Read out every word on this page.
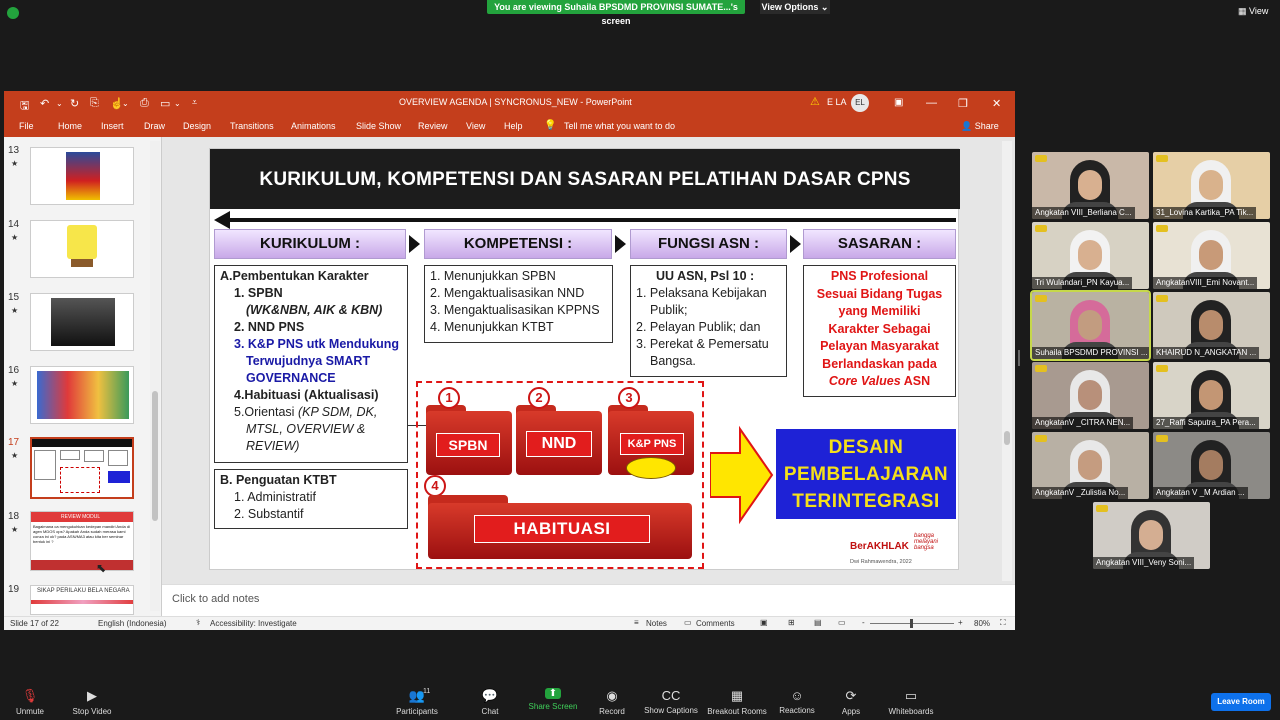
You are viewing Suhaila BPSDMD PROVINSI SUMATE...'s screen
View Options ⌄	▦ View
🖫 ↶ ⌄ ↻ ⎘ ☝
⌄ ⎙ ▭ ⌄ ⩡	OVERVIEW AGENDA | SYNCRONUS_NEW - PowerPoint	⚠ E LA	EL	▣ — ❐ ✕
File	Home Insert Draw Design Transitions Animations Slide Show Review View Help 💡 Tell me what you want to do	👤 Share
13
★
14
★
15
★
16
★
17
★
18
★
REVIEW MODUL
Bagaimana ca mengukuhkan kedepan mandiri Anda di agen MDOS ops? Apakah Anda sudah merasa kami conza ini ok? pada ASN/MA3 atau kita ber seminar bentuk ini ?
19	SIKAP PERILAKU BELA NEGARA
⬉
KURIKULUM, KOMPETENSI DAN SASARAN PELATIHAN DASAR CPNS
KURIKULUM :	KOMPETENSI :	FUNGSI ASN :	SASARAN :
A.Pembentukan Karakter
1. SPBN
(WK&NBN, AIK & KBN)
2. NND PNS
3. K&P PNS utk Mendukung
Terwujudnya SMART
GOVERNANCE
4.Habituasi (Aktualisasi)
5.Orientasi (KP SDM, DK,
MTSL, OVERVIEW &
REVIEW)
B. Penguatan KTBT
1. Administratif
2. Substantif
1. Menunjukkan SPBN
2. Mengaktualisasikan NND
3. Mengaktualisasikan KPPNS
4. Menunjukkan KTBT
UU ASN, Psl 10 :
1. Pelaksana Kebijakan
Publik;
2. Pelayan Publik; dan
3. Perekat & Pemersatu
Bangsa.
PNS Profesional
Sesuai Bidang Tugas
yang Memiliki
Karakter Sebagai
Pelayan Masyarakat
Berlandaskan pada
Core Values ASN
SPBN	NND	K&P PNS
1	2	3
4
HABITUASI
DESAIN
PEMBELAJARAN
TERINTEGRASI
BerAKHLAK
bangga
melayani
bangsa
Dwi Rahmawendra, 2022
Click to add notes
Slide 17 of 22	English (Indonesia)	⚕ Accessibility: Investigate	≡ Notes ▭ Comments	▣	⊞ ▤ ▭ -	+ 80% ⛶
Angkatan VIII_Berliana C...	31_Lovina Kartika_PA Tik...
Tri Wulandari_PN Kayua...	AngkatanVIII_Emi Novant...
Suhaila BPSDMD PROVINSI ...	KHAIRUD N_ANGKATAN ...
AngkatanV _CITRA NEN...	27_Raffi Saputra_PA Pera...
AngkatanV _Zulistia No...	Angkatan V _M Ardian ...
Angkatan VIII_Veny Soni...
🎙
Unmute
▶
Stop Video
👥
11
Participants
💬
Chat
⬆
Share Screen
◉
Record
CC
Show Captions
▦
Breakout Rooms
☺
Reactions
⟳
Apps
▭
Whiteboards
Leave Room
